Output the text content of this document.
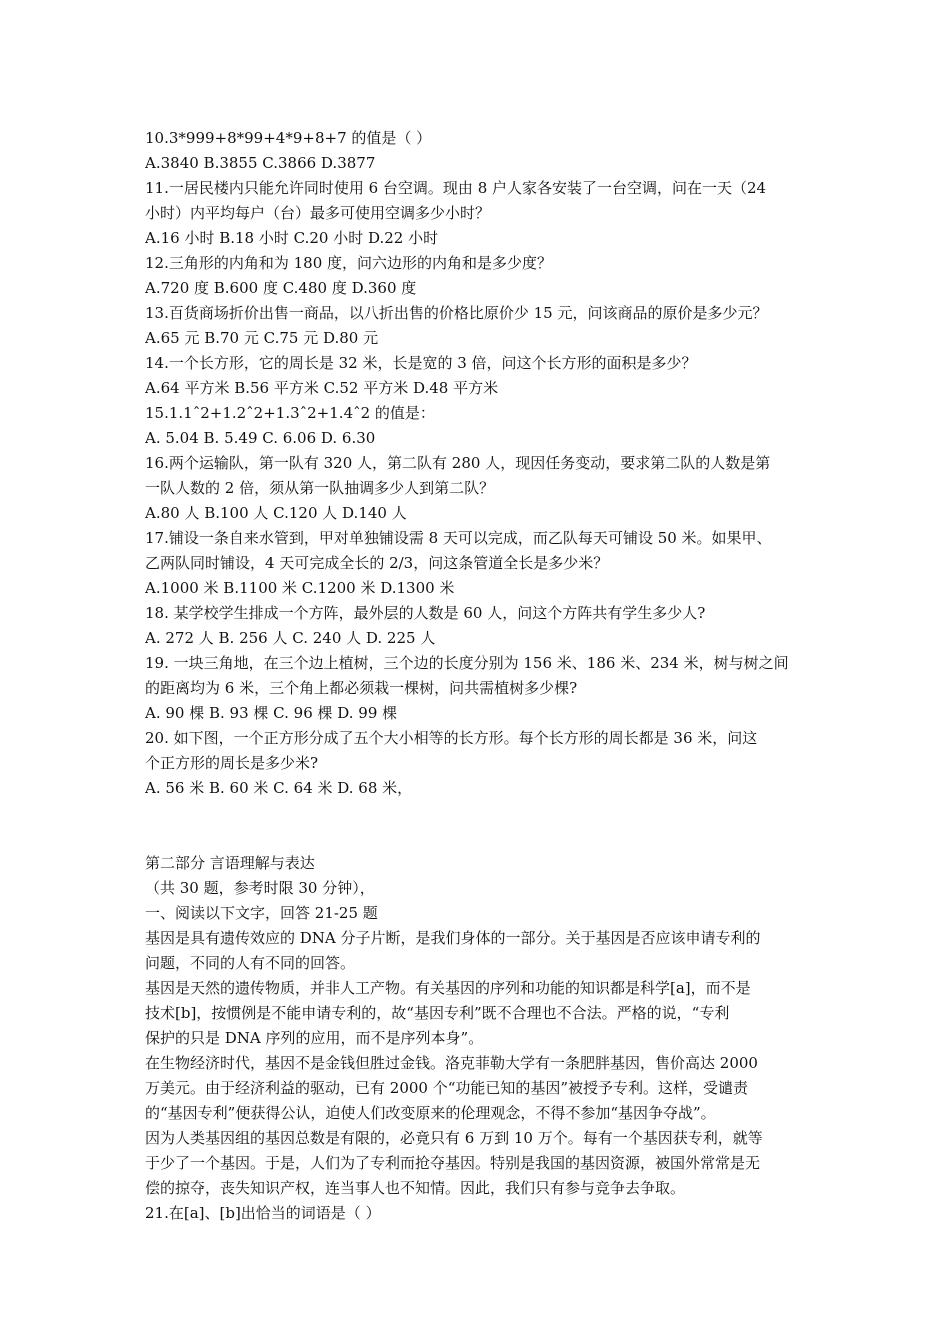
10.3*999+8*99+4*9+8+7 的值是（ ）
A.3840 B.3855 C.3866 D.3877
11.一居民楼内只能允许同时使用 6 台空调。现由 8 户人家各安装了一台空调，问在一天（24
小时）内平均每户（台）最多可使用空调多少小时？
A.16 小时 B.18 小时 C.20 小时 D.22 小时
12.三角形的内角和为 180 度，问六边形的内角和是多少度？
A.720 度 B.600 度 C.480 度 D.360 度
13.百货商场折价出售一商品，以八折出售的价格比原价少 15 元，问该商品的原价是多少元？
A.65 元 B.70 元 C.75 元 D.80 元
14.一个长方形，它的周长是 32 米，长是宽的 3 倍，问这个长方形的面积是多少？
A.64 平方米 B.56 平方米 C.52 平方米 D.48 平方米
15.1.1ˆ2+1.2ˆ2+1.3ˆ2+1.4ˆ2 的值是：
A. 5.04 B. 5.49 C. 6.06 D. 6.30
16.两个运输队，第一队有 320 人，第二队有 280 人，现因任务变动，要求第二队的人数是第
一队人数的 2 倍，须从第一队抽调多少人到第二队？
A.80 人 B.100 人 C.120 人 D.140 人
17.铺设一条自来水管到，甲对单独铺设需 8 天可以完成，而乙队每天可铺设 50 米。如果甲、
乙两队同时铺设，4 天可完成全长的 2/3，问这条管道全长是多少米？
A.1000 米 B.1100 米 C.1200 米 D.1300 米
18. 某学校学生排成一个方阵，最外层的人数是 60 人，问这个方阵共有学生多少人?
A. 272 人 B. 256 人 C. 240 人 D. 225 人
19. 一块三角地，在三个边上植树，三个边的长度分别为 156 米、186 米、234 米，树与树之间
的距离均为 6 米，三个角上都必须栽一棵树，问共需植树多少棵?
A. 90 棵 B. 93 棵 C. 96 棵 D. 99 棵
20. 如下图，一个正方形分成了五个大小相等的长方形。每个长方形的周长都是 36 米，问这
个正方形的周长是多少米?
A. 56 米 B. 60 米 C. 64 米 D. 68 米，
第二部分 言语理解与表达
（共 30 题，参考时限 30 分钟），
一、阅读以下文字，回答 21-25 题
基因是具有遗传效应的 DNA 分子片断，是我们身体的一部分。关于基因是否应该申请专利的
问题，不同的人有不同的回答。
基因是天然的遗传物质，并非人工产物。有关基因的序列和功能的知识都是科学[a]，而不是
技术[b]，按惯例是不能申请专利的，故“基因专利”既不合理也不合法。严格的说，“专利
保护的只是 DNA 序列的应用，而不是序列本身”。
在生物经济时代，基因不是金钱但胜过金钱。洛克菲勒大学有一条肥胖基因，售价高达 2000
万美元。由于经济利益的驱动，已有 2000 个“功能已知的基因”被授予专利。这样，受谴责
的“基因专利”便获得公认，迫使人们改变原来的伦理观念，不得不参加“基因争夺战”。
因为人类基因组的基因总数是有限的，必竟只有 6 万到 10 万个。每有一个基因获专利，就等
于少了一个基因。于是，人们为了专利而抢夺基因。特别是我国的基因资源，被国外常常是无
偿的掠夺，丧失知识产权，连当事人也不知情。因此，我们只有参与竞争去争取。
21.在[a]、[b]出恰当的词语是（ ）
